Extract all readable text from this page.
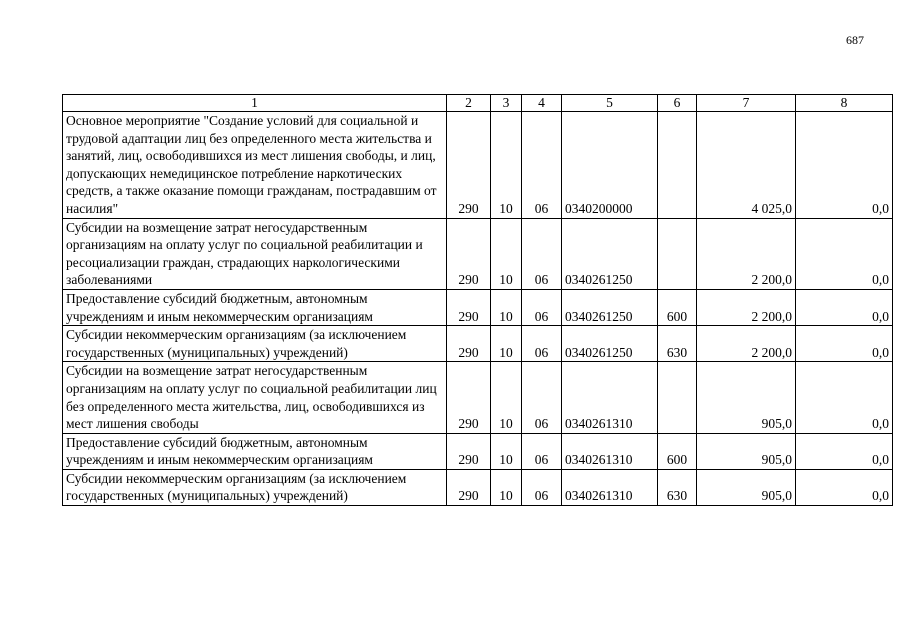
687
1	2	3	4	5	6	7	8
Основное мероприятие "Создание условий для социальной и трудовой адаптации лиц без определенного места жительства и занятий, лиц, освободившихся из мест лишения свободы, и лиц, допускающих немедицинское потребление наркотических средств, а также оказание помощи гражданам, пострадавшим от насилия"	290	10	06	0340200000		4 025,0	0,0
Субсидии на возмещение затрат негосударственным организациям на оплату услуг по социальной реабилитации и ресоциализации граждан, страдающих наркологическими заболеваниями	290	10	06	0340261250		2 200,0	0,0
Предоставление субсидий бюджетным, автономным учреждениям и иным некоммерческим организациям	290	10	06	0340261250	600	2 200,0	0,0
Субсидии некоммерческим организациям (за исключением государственных (муниципальных) учреждений)	290	10	06	0340261250	630	2 200,0	0,0
Субсидии на возмещение затрат негосударственным организациям на оплату услуг по социальной реабилитации лиц без определенного места жительства, лиц, освободившихся из мест лишения свободы	290	10	06	0340261310		905,0	0,0
Предоставление субсидий бюджетным, автономным учреждениям и иным некоммерческим организациям	290	10	06	0340261310	600	905,0	0,0
Субсидии некоммерческим организациям (за исключением государственных (муниципальных) учреждений)	290	10	06	0340261310	630	905,0	0,0
